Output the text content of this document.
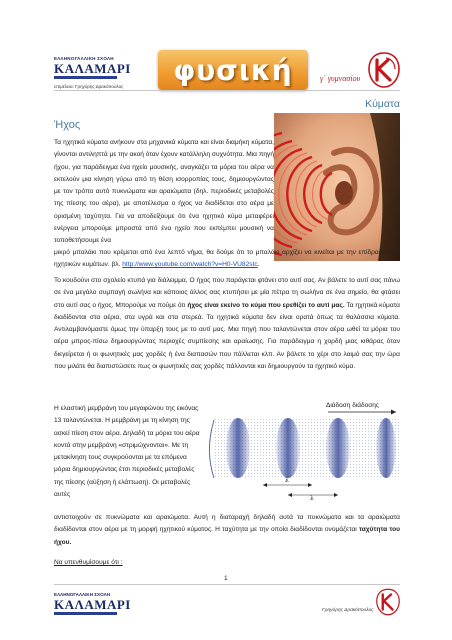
ΕΛΛΗΝΟΓΑΛΛΙΚΗ ΣΧΟΛΗ
ΚΑΛΑΜΑΡΙ
επιμέλεια: Γρηγόρης Δρακόπουλος φυσική	γ΄ γυμνασίου
Κύματα
Ήχος

Τα ηχητικά κύματα ανήκουν στα μηχανικά κύματα και είναι διαμήκη κύματα, γίνονται αντιληπτά με την ακοή όταν έχουν κατάλληλη συχνότητα. Μια πηγή ήχου, για παράδειγμα ένα ηχείο μουσικής, αναγκάζει τα μόρια του αέρα να εκτελούν μια κίνηση γύρω από τη θέση ισορροπίας τους, δημιουργώντας με τον τρόπο αυτό πυκνώματα και αραιώματα (δηλ. περιοδικές μεταβολές της πίεσης του αέρα), με αποτέλεσμα ο ήχος να διαδίδεται στο αέρα με ορισμένη ταχύτητα. Για να αποδείξουμε ότι ένα ηχητικό κύμα μεταφέρει ενέργεια μπορούμε μπροστά από ένα ηχείο που εκπέμπει μουσική να τοποθετήσουμε ένα

μικρό μπαλάκι που κρέμεται από ένα λεπτό νήμα, θα δούμε ότι το μπαλάκι αρχίζει να κινείται με την επίδραση των ηχητικών κυμάτων. βλ. http://www.youtube.com/watch?v=H0-VU82stc.

Το κουδούνι στο σχολείο κτυπά για διάλειμμα, Ο ήχος που παράγεται φτάνει στο αυτί σας. Αν βάλετε το αυτί σας πάνω σε ένα μεγάλο συμπαγή σωλήνα και κάποιος άλλος σας κτυπήσει με μία πέτρα τη σωλήνα σε ένα σημείο, θα φτάσει στο αυτί σας ο ήχος. Μπορούμε να πούμε ότι ήχος είναι εκείνο το κύμα που ερεθίζει το αυτί μας. Τα ηχητικά κύματα διαδίδονται στα αέρια, στα υγρά και στα στερεά. Τα ηχητικά κύματα δεν είναι ορατά όπως τα θαλάσσια κύματα. Αντιλαμβανόμαστε όμως την ύπαρξη τους με το αυτί μας. Μια πηγή που ταλαντώνεται στον αέρα ωθεί τα μόρια του αέρα μπρος-πίσω δημιουργώντας περιοχές συμπίεσης και αραίωσης. Για παράδειγμα η χορδή μιας κιθάρας όταν διεγείρεται ή οι φωνητικές μας χορδές ή ένα διαπασών που πάλλεται κλπ. Αν βάλετε το χέρι στο λαιμό σας την ώρα που μιλάτε θα διαπιστώσετε πως οι φωνητικές σας χορδές πάλλονται και δημιουργούν τα ηχητικό κύμα.

Η ελαστική μεμβράνη του μεγαφώνου της εικόνας 13 ταλαντώνεται. Η μεμβράνη με τη κίνηση της ασκεί πίεση στον αέρα. Δηλαδή τα μόρια του αέρα κοντά στην μεμβράνη «στριμώχνονται». Με τη μετακίνηση τους συγκρούονται με τα επόμενα μόρια δημιουργώντας έτσι περιοδικές μεταβολές της πίεσης (αύξηση ή ελάττωση). Οι μεταβολές αυτές

αντιστοιχούν σε πυκνώματα και αραιώματα. Αυτή η διαταραχή δηλαδή αυτά τα πυκνώματα και τα αραιώματα διαδίδονται στον αέρα με τη μορφή ηχητικού κύματος. Η ταχύτητα με την οποία διαδίδονται ονομάζεται ταχύτητα του ήχου.

Να υπενθυμίσουμε ότι :

Διάδοση διάδοσης
λ
λ
1
ΕΛΛΗΝΟΓΑΛΛΙΚΗ ΣΧΟΛΗ
ΚΑΛΑΜΑΡΙ	Γρηγόρης Δρακόπουλος
